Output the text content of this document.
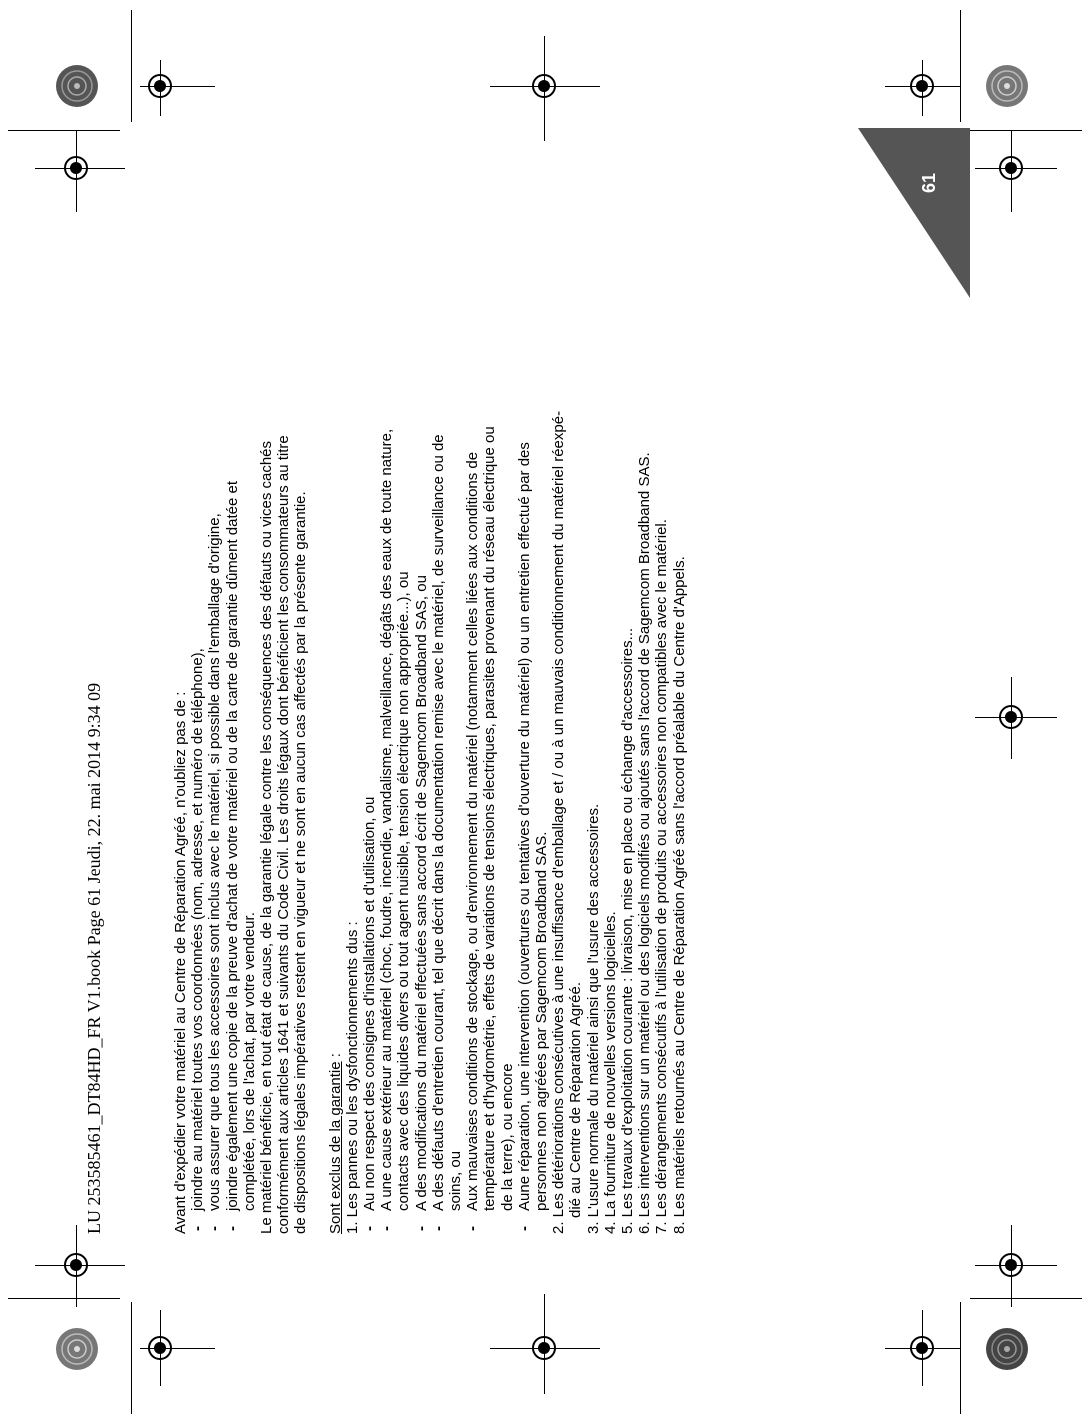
61
LU 253585461_DT84HD_FR V1.book Page 61 Jeudi, 22. mai 2014 9:34 09	Avant d'expédier votre matériel au Centre de Réparation Agréé, n'oubliez pas de : - joindre au matériel toutes vos coordonnées (nom, adresse, et numéro de téléphone), - vous assurer que tous les accessoires sont inclus avec le matériel, si possible dans l'emballage d'origine, - joindre également une copie de la preuve d'achat de votre matériel ou de la carte de garantie dûment datée et complétée, lors de l'achat, par votre vendeur. Le matériel bénéficie, en tout état de cause, de la garantie légale contre les conséquences des défauts ou vices cachés conformément aux articles 1641 et suivants du Code Civil. Les droits légaux dont bénéficient les consommateurs au titre de dispositions légales impératives restent en vigueur et ne sont en aucun cas affectés par la présente garantie. Sont exclus de la garantie : 1. Les pannes ou les dysfonctionnements dus : - Au non respect des consignes d'installations et d'utilisation, ou - A une cause extérieur au matériel (choc, foudre, incendie, vandalisme, malveillance, dégâts des eaux de toute nature, contacts avec des liquides divers ou tout agent nuisible, tension électrique non appropriée...), ou - A des modifications du matériel effectuées sans accord écrit de Sagemcom Broadband SAS, ou - A des défauts d'entretien courant, tel que décrit dans la documentation remise avec le matériel, de surveillance ou de soins, ou - Aux mauvaises conditions de stockage, ou d'environnement du matériel (notamment celles liées aux conditions de température et d'hydrométrie, effets de variations de tensions électriques, parasites provenant du réseau électrique ou de la terre), ou encore - Aune réparation, une intervention (ouvertures ou tentatives d'ouverture du matériel) ou un entretien effectué par des personnes non agréées par Sagemcom Broadband SAS. 2. Les détériorations consécutives à une insuffisance d'emballage et / ou à un mauvais conditionnement du matériel réexpé- dié au Centre de Réparation Agréé. 3. L'usure normale du matériel ainsi que l'usure des accessoires. 4. La fourniture de nouvelles versions logicielles. 5. Les travaux d'exploitation courante : livraison, mise en place ou échange d'accessoires... 6. Les interventions sur un matériel ou des logiciels modifiés ou ajoutés sans l'accord de Sagemcom Broadband SAS. 7. Les dérangements consécutifs à l'utilisation de produits ou accessoires non compatibles avec le matériel. 8. Les matériels retournés au Centre de Réparation Agréé sans l'accord préalable du Centre d'Appels.
